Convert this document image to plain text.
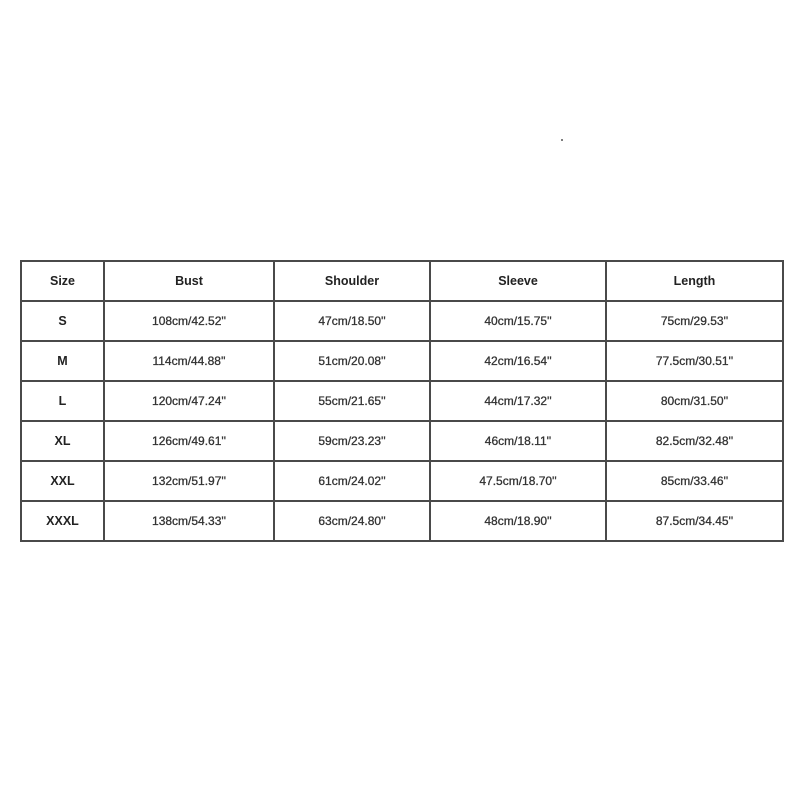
Size	Bust	Shoulder	Sleeve	Length
S	108cm/42.52''	47cm/18.50''	40cm/15.75''	75cm/29.53''
M	114cm/44.88''	51cm/20.08''	42cm/16.54''	77.5cm/30.51''
L	120cm/47.24''	55cm/21.65''	44cm/17.32''	80cm/31.50''
XL	126cm/49.61''	59cm/23.23''	46cm/18.11''	82.5cm/32.48''
XXL	132cm/51.97''	61cm/24.02''	47.5cm/18.70''	85cm/33.46''
XXXL	138cm/54.33''	63cm/24.80''	48cm/18.90''	87.5cm/34.45''
